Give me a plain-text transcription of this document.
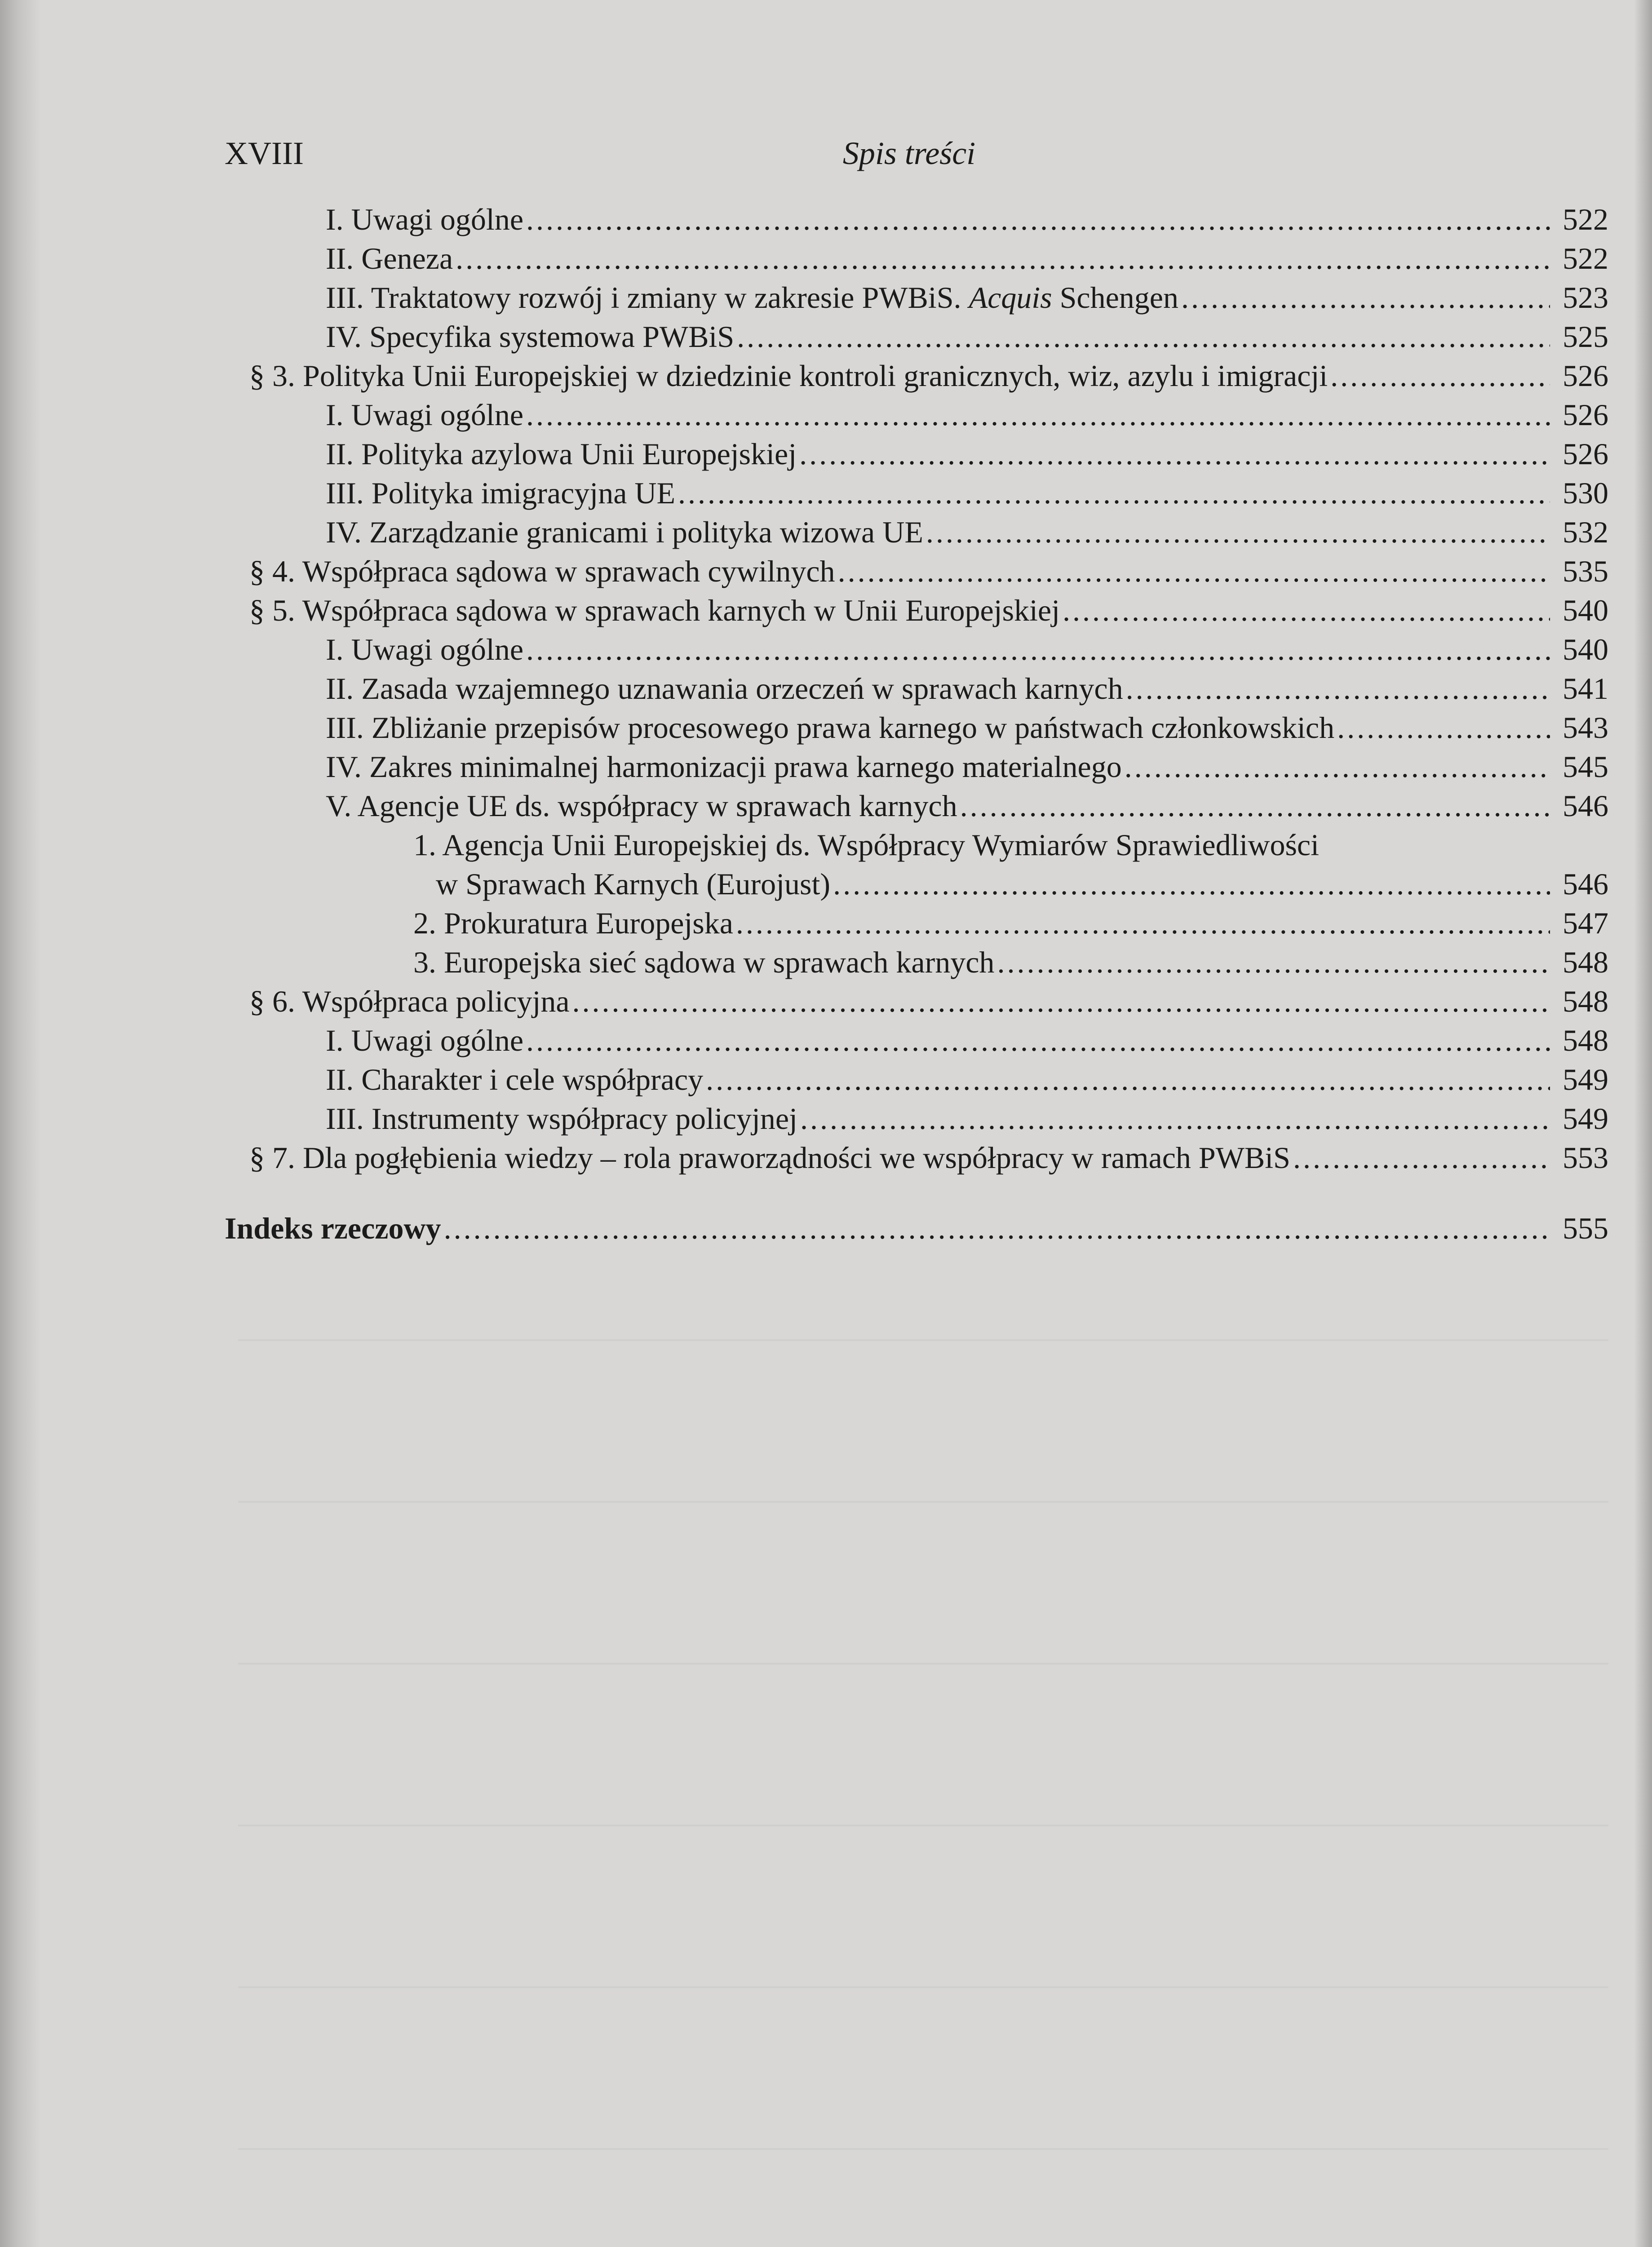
XVIII	Spis treści
I. Uwagi ogólne .....	522
II. Geneza .....	522
III. Traktatowy rozwój i zmiany w zakresie PWBiS. Acquis Schengen .....	523
IV. Specyfika systemowa PWBiS .....	525
§ 3. Polityka Unii Europejskiej w dziedzinie kontroli granicznych, wiz, azylu i imigracji .....	526
I. Uwagi ogólne .....	526
II. Polityka azylowa Unii Europejskiej .....	526
III. Polityka imigracyjna UE .....	530
IV. Zarządzanie granicami i polityka wizowa UE .....	532
§ 4. Współpraca sądowa w sprawach cywilnych .....	535
§ 5. Współpraca sądowa w sprawach karnych w Unii Europejskiej .....	540
I. Uwagi ogólne .....	540
II. Zasada wzajemnego uznawania orzeczeń w sprawach karnych .....	541
III. Zbliżanie przepisów procesowego prawa karnego w państwach członkowskich .....	543
IV. Zakres minimalnej harmonizacji prawa karnego materialnego .....	545
V. Agencje UE ds. współpracy w sprawach karnych .....	546
1. Agencja Unii Europejskiej ds. Współpracy Wymiarów Sprawiedliwości
w Sprawach Karnych (Eurojust) .....	546
2. Prokuratura Europejska .....	547
3. Europejska sieć sądowa w sprawach karnych .....	548
§ 6. Współpraca policyjna .....	548
I. Uwagi ogólne .....	548
II. Charakter i cele współpracy .....	549
III. Instrumenty współpracy policyjnej .....	549
§ 7. Dla pogłębienia wiedzy – rola praworządności we współpracy w ramach PWBiS .....	553
Indeks rzeczowy .....	555
